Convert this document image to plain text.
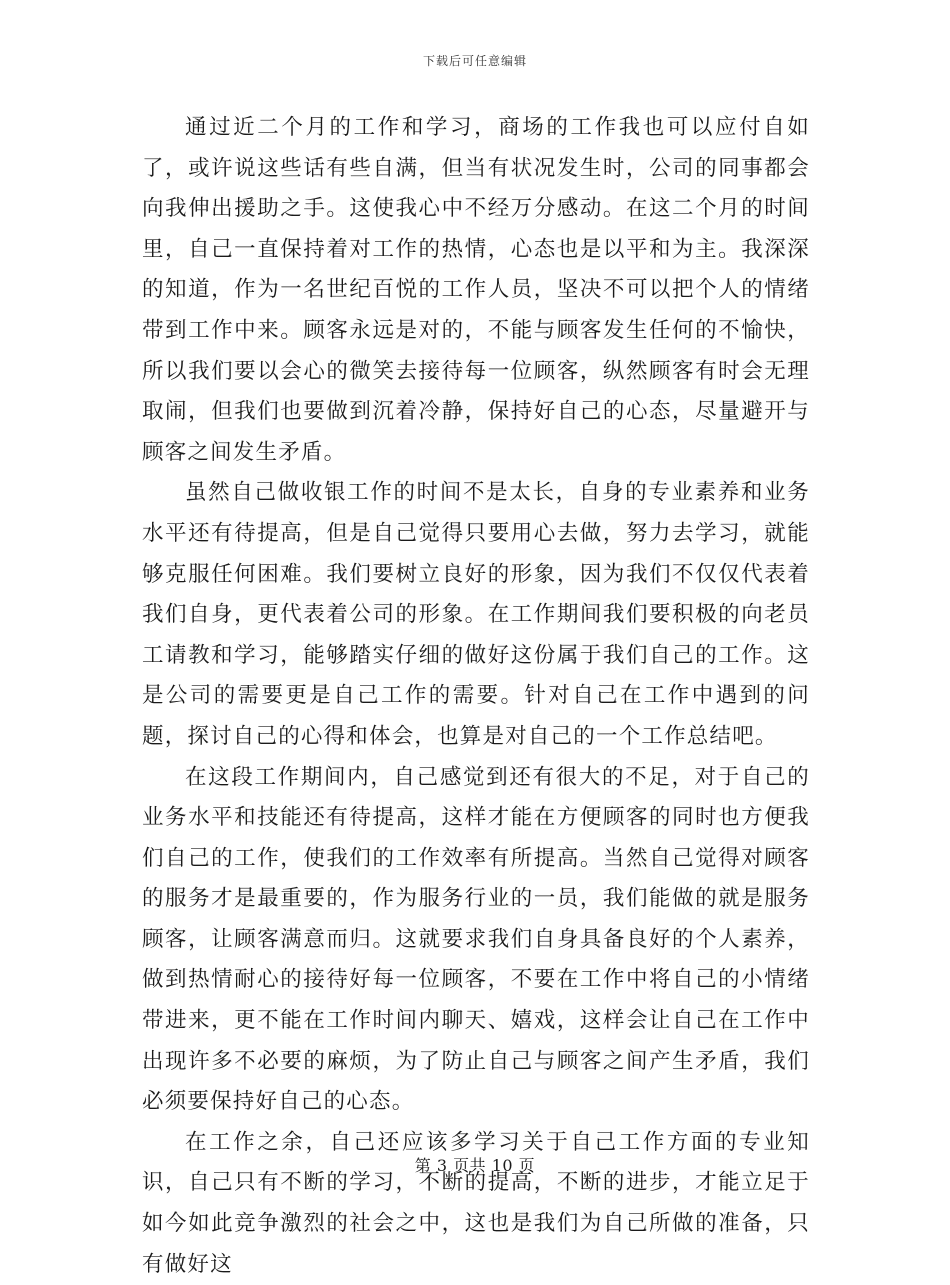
下载后可任意编辑

通过近二个月的工作和学习，商场的工作我也可以应付自如了，或许说这些话有些自满，但当有状况发生时，公司的同事都会向我伸出援助之手。这使我心中不经万分感动。在这二个月的时间里，自己一直保持着对工作的热情，心态也是以平和为主。我深深的知道，作为一名世纪百悦的工作人员，坚决不可以把个人的情绪带到工作中来。顾客永远是对的，不能与顾客发生任何的不愉快，所以我们要以会心的微笑去接待每一位顾客，纵然顾客有时会无理取闹，但我们也要做到沉着冷静，保持好自己的心态，尽量避开与顾客之间发生矛盾。

虽然自己做收银工作的时间不是太长，自身的专业素养和业务水平还有待提高，但是自己觉得只要用心去做，努力去学习，就能够克服任何困难。我们要树立良好的形象，因为我们不仅仅代表着我们自身，更代表着公司的形象。在工作期间我们要积极的向老员工请教和学习，能够踏实仔细的做好这份属于我们自己的工作。这是公司的需要更是自己工作的需要。针对自己在工作中遇到的问题，探讨自己的心得和体会，也算是对自己的一个工作总结吧。

在这段工作期间内，自己感觉到还有很大的不足，对于自己的业务水平和技能还有待提高，这样才能在方便顾客的同时也方便我们自己的工作，使我们的工作效率有所提高。当然自己觉得对顾客的服务才是最重要的，作为服务行业的一员，我们能做的就是服务顾客，让顾客满意而归。这就要求我们自身具备良好的个人素养，做到热情耐心的接待好每一位顾客，不要在工作中将自己的小情绪带进来，更不能在工作时间内聊天、嬉戏，这样会让自己在工作中出现许多不必要的麻烦，为了防止自己与顾客之间产生矛盾，我们必须要保持好自己的心态。

在工作之余，自己还应该多学习关于自己工作方面的专业知识，自己只有不断的学习，不断的提高，不断的进步，才能立足于如今如此竞争激烈的社会之中，这也是我们为自己所做的准备，只有做好这

第 3 页共 10 页
